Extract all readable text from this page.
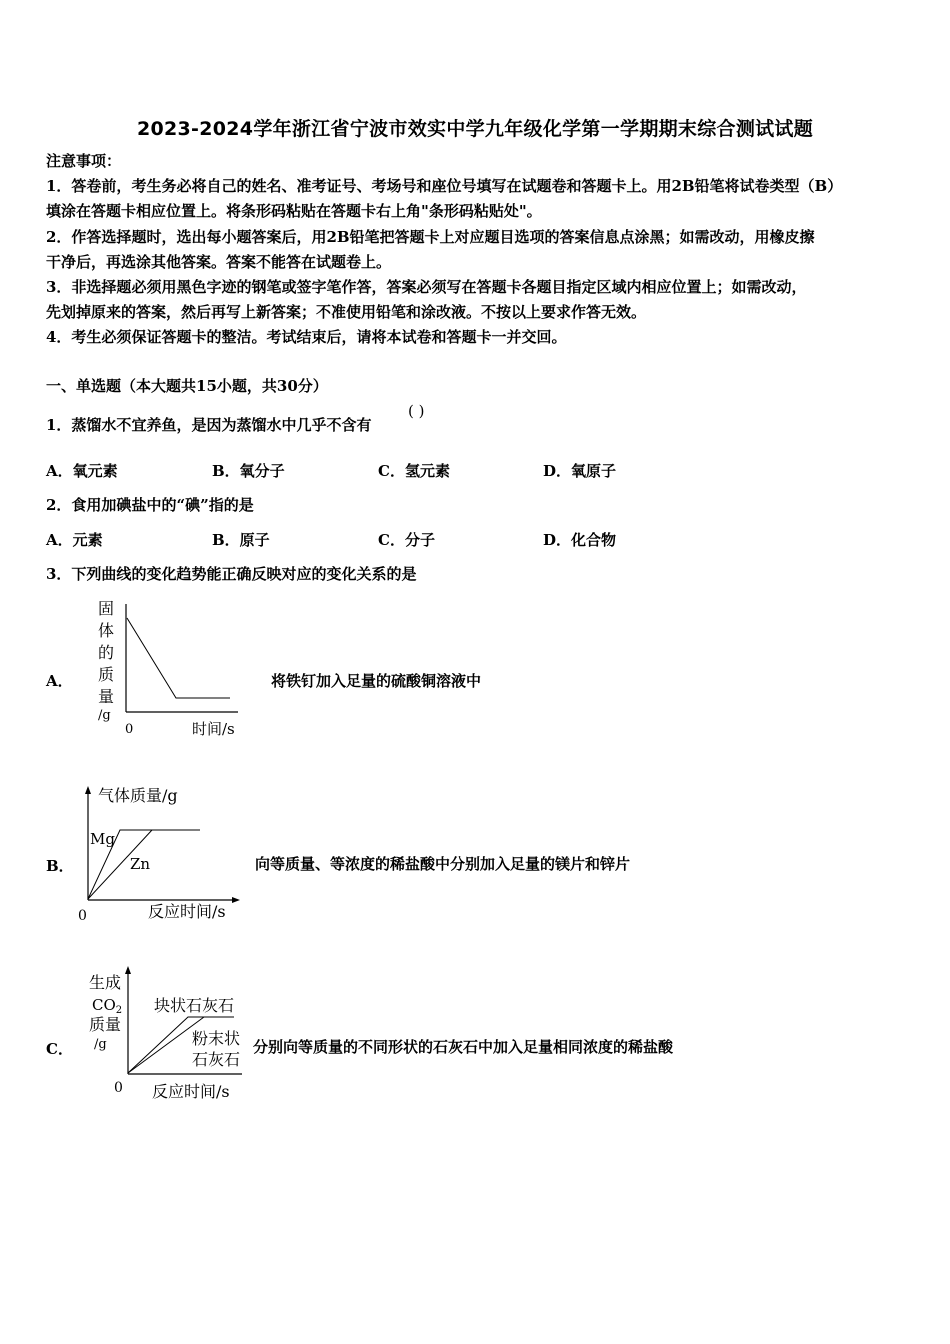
2023-2024学年浙江省宁波市效实中学九年级化学第一学期期末综合测试试题
注意事项：
1．答卷前，考生务必将自己的姓名、准考证号、考场号和座位号填写在试题卷和答题卡上。用2B铅笔将试卷类型（B）
填涂在答题卡相应位置上。将条形码粘贴在答题卡右上角"条形码粘贴处"。
2．作答选择题时，选出每小题答案后，用2B铅笔把答题卡上对应题目选项的答案信息点涂黑；如需改动，用橡皮擦
干净后，再选涂其他答案。答案不能答在试题卷上。
3．非选择题必须用黑色字迹的钢笔或签字笔作答，答案必须写在答题卡各题目指定区域内相应位置上；如需改动，
先划掉原来的答案，然后再写上新答案；不准使用铅笔和涂改液。不按以上要求作答无效。
4．考生必须保证答题卡的整洁。考试结束后，请将本试卷和答题卡一并交回。
一、单选题（本大题共15小题，共30分）
1．蒸馏水不宜养鱼，是因为蒸馏水中几乎不含有
( )
A．氧元素	B．氧分子	C．氢元素	D．氧原子
2．食用加碘盐中的“碘”指的是
A．元素	B．原子	C．分子	D．化合物
3．下列曲线的变化趋势能正确反映对应的变化关系的是
A．
固
体
的
质
量
/g
0	时间/s
将铁钉加入足量的硫酸铜溶液中
B．
气体质量/g
Mg
Zn
0	反应时间/s
向等质量、等浓度的稀盐酸中分别加入足量的镁片和锌片
C．
生成
$CO_2$
质量
/g
块状石灰石
粉末状
石灰石
0 反应时间/s
分别向等质量的不同形状的石灰石中加入足量相同浓度的稀盐酸
